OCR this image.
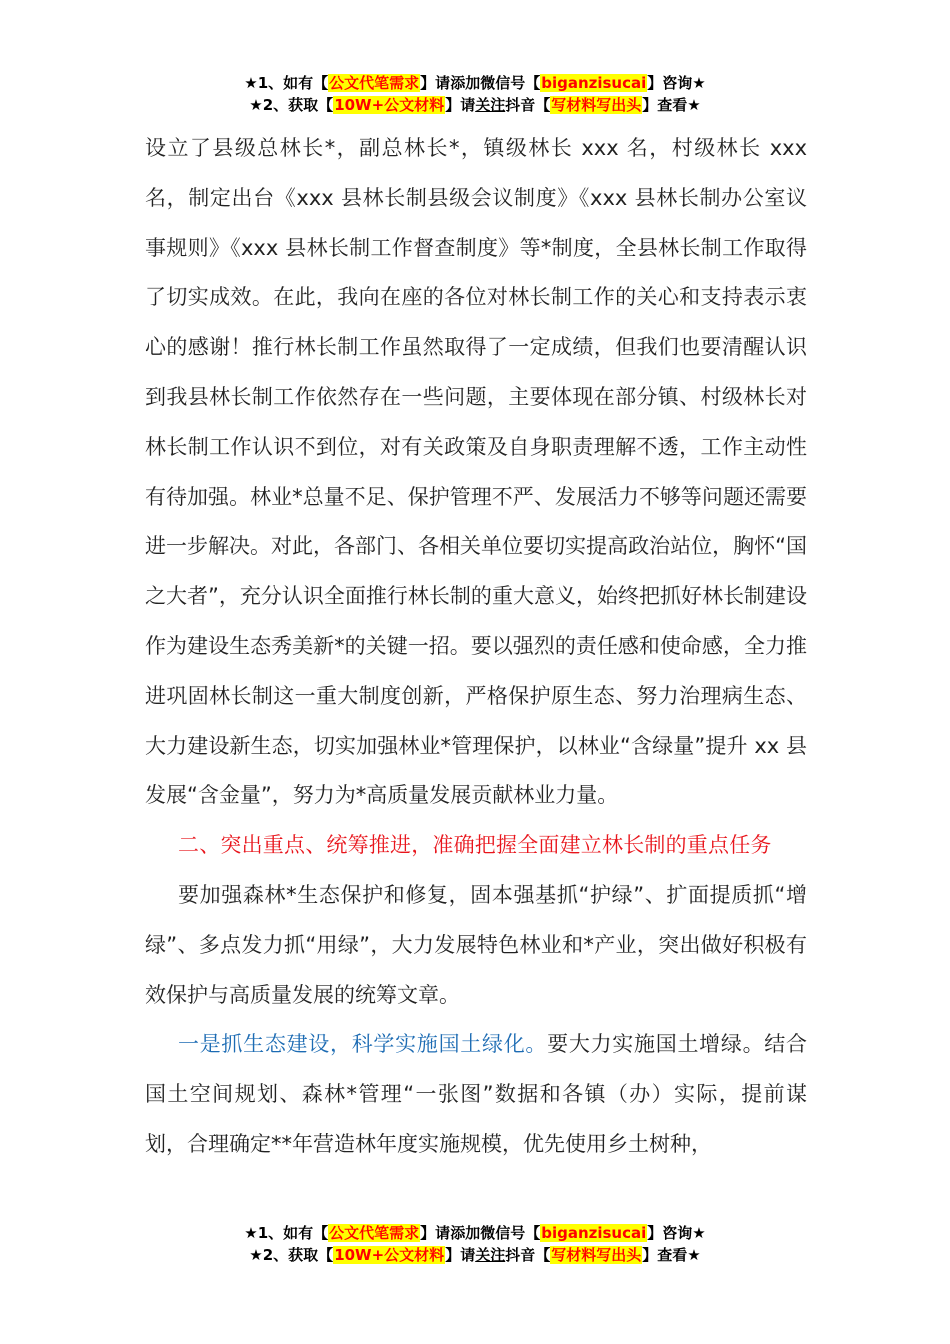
★1、如有【公文代笔需求】请添加微信号【biganzisucai】咨询★
★2、获取【10W+公文材料】请关注抖音【写材料写出头】查看★

设立了县级总林长*，副总林长*，镇级林长 xxx 名，村级林长 xxx 名，制定出台《xxx 县林长制县级会议制度》《xxx 县林长制办公室议事规则》《xxx 县林长制工作督查制度》等*制度，全县林长制工作取得了切实成效。在此，我向在座的各位对林长制工作的关心和支持表示衷心的感谢！推行林长制工作虽然取得了一定成绩，但我们也要清醒认识到我县林长制工作依然存在一些问题，主要体现在部分镇、村级林长对林长制工作认识不到位，对有关政策及自身职责理解不透，工作主动性有待加强。林业*总量不足、保护管理不严、发展活力不够等问题还需要进一步解决。对此，各部门、各相关单位要切实提高政治站位，胸怀“国之大者”，充分认识全面推行林长制的重大意义，始终把抓好林长制建设作为建设生态秀美新*的关键一招。要以强烈的责任感和使命感，全力推进巩固林长制这一重大制度创新，严格保护原生态、努力治理病生态、大力建设新生态，切实加强林业*管理保护，以林业“含绿量”提升 xx 县发展“含金量”，努力为*高质量发展贡献林业力量。

二、突出重点、统筹推进，准确把握全面建立林长制的重点任务

要加强森林*生态保护和修复，固本强基抓“护绿”、扩面提质抓“增绿”、多点发力抓“用绿”，大力发展特色林业和*产业，突出做好积极有效保护与高质量发展的统筹文章。

一是抓生态建设，科学实施国土绿化。要大力实施国土增绿。结合国土空间规划、森林*管理“一张图”数据和各镇（办）实际，提前谋划，合理确定**年营造林年度实施规模，优先使用乡土树种，

★1、如有【公文代笔需求】请添加微信号【biganzisucai】咨询★
★2、获取【10W+公文材料】请关注抖音【写材料写出头】查看★
